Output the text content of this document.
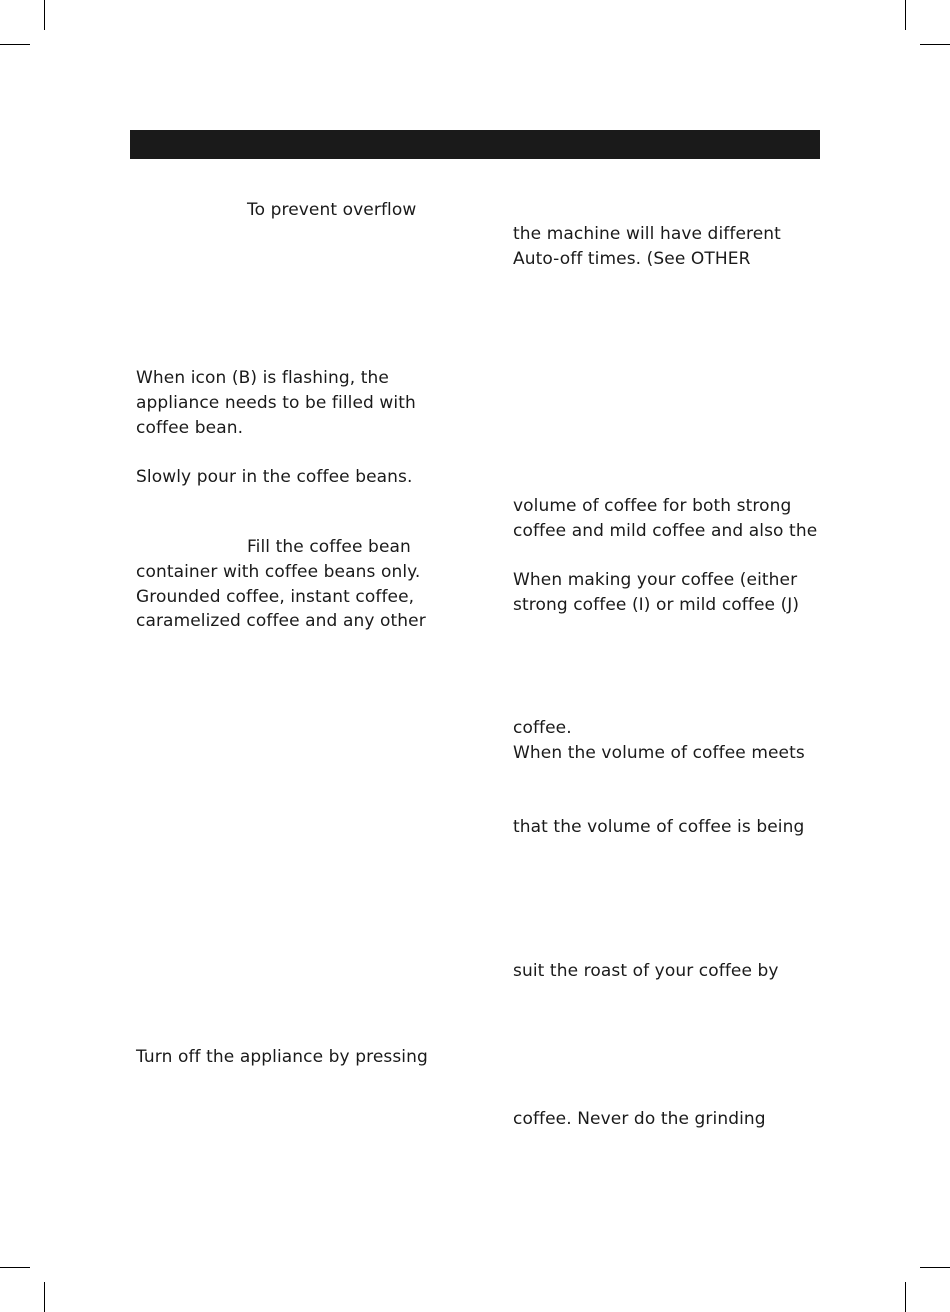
To prevent overflow
When icon (B) is flashing, the
appliance needs to be filled with
coffee bean.
Slowly pour in the coffee beans.
Fill the coffee bean
container with coffee beans only.
Grounded coffee, instant coffee,
caramelized coffee and any other
Turn off the appliance by pressing
the machine will have different
Auto-off times. (See OTHER
volume of coffee for both strong
coffee and mild coffee and also the
When making your coffee (either
strong coffee (I) or mild coffee (J)
coffee.
When the volume of coffee meets
that the volume of coffee is being
suit the roast of your coffee by
coffee. Never do the grinding
